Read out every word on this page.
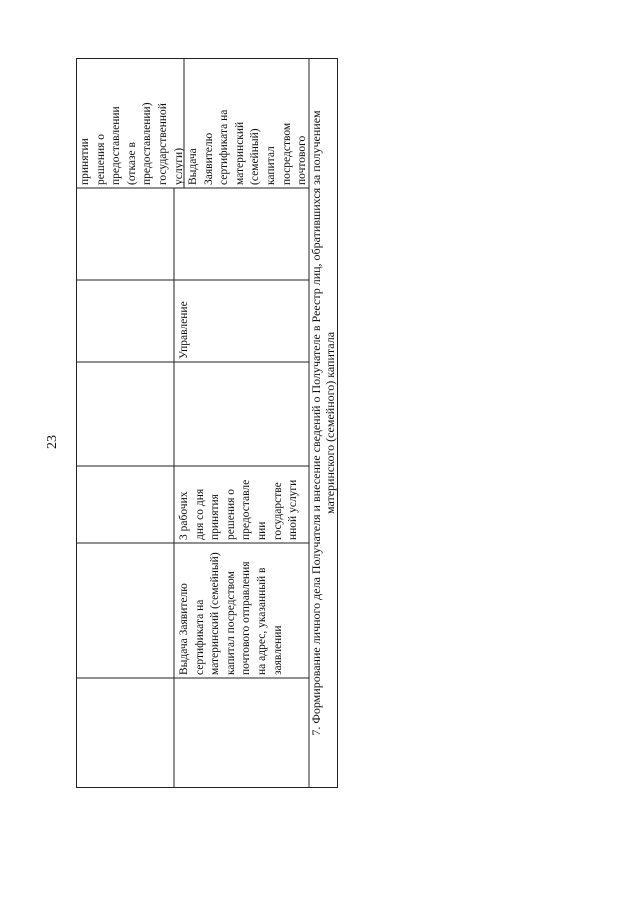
23
принятии решения о предоставлении (отказе в предоставлении) государственной услуги)
Выдача Заявителю сертификата на материнский (семейный) капитал посредством почтового отправления на адрес, указанный в заявлении
3 рабочих дня со дня принятия решения о предоставле нии государстве нной услуги
Управление
Выдача Заявителю сертификата на материнский (семейный) капитал посредством почтового 7. Формирование личного дела Получателя и внесение сведений о Получателе в Реестр лиц, обратившихся за получением материнского (семейного) капитала
